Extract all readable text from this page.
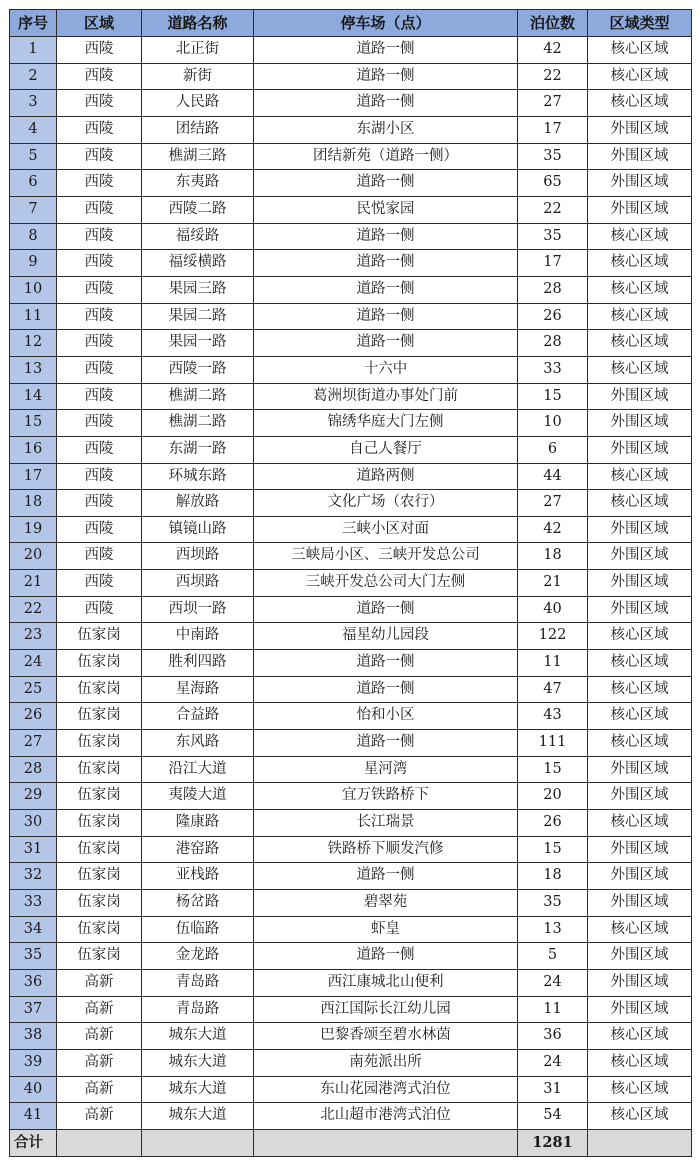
序号	区域	道路名称	停车场（点）	泊位数	区域类型
1	西陵	北正街	道路一侧	42	核心区域
2	西陵	新街	道路一侧	22	核心区域
3	西陵	人民路	道路一侧	27	核心区域
4	西陵	团结路	东湖小区	17	外围区域
5	西陵	樵湖三路	团结新苑（道路一侧）	35	外围区域
6	西陵	东夷路	道路一侧	65	外围区域
7	西陵	西陵二路	民悦家园	22	外围区域
8	西陵	福绥路	道路一侧	35	核心区域
9	西陵	福绥横路	道路一侧	17	核心区域
10	西陵	果园三路	道路一侧	28	核心区域
11	西陵	果园二路	道路一侧	26	核心区域
12	西陵	果园一路	道路一侧	28	核心区域
13	西陵	西陵一路	十六中	33	核心区域
14	西陵	樵湖二路	葛洲坝街道办事处门前	15	外围区域
15	西陵	樵湖二路	锦绣华庭大门左侧	10	外围区域
16	西陵	东湖一路	自己人餐厅	6	外围区域
17	西陵	环城东路	道路两侧	44	核心区域
18	西陵	解放路	文化广场（农行）	27	核心区域
19	西陵	镇镜山路	三峡小区对面	42	外围区域
20	西陵	西坝路	三峡局小区、三峡开发总公司	18	外围区域
21	西陵	西坝路	三峡开发总公司大门左侧	21	外围区域
22	西陵	西坝一路	道路一侧	40	外围区域
23	伍家岗	中南路	福星幼儿园段	122	核心区域
24	伍家岗	胜利四路	道路一侧	11	核心区域
25	伍家岗	星海路	道路一侧	47	核心区域
26	伍家岗	合益路	怡和小区	43	核心区域
27	伍家岗	东风路	道路一侧	111	核心区域
28	伍家岗	沿江大道	星河湾	15	外围区域
29	伍家岗	夷陵大道	宜万铁路桥下	20	外围区域
30	伍家岗	隆康路	长江瑞景	26	核心区域
31	伍家岗	港窑路	铁路桥下顺发汽修	15	外围区域
32	伍家岗	亚栈路	道路一侧	18	外围区域
33	伍家岗	杨岔路	碧翠苑	35	外围区域
34	伍家岗	伍临路	虾皇	13	核心区域
35	伍家岗	金龙路	道路一侧	5	外围区域
36	高新	青岛路	西江康城北山便利	24	外围区域
37	高新	青岛路	西江国际长江幼儿园	11	外围区域
38	高新	城东大道	巴黎香颂至碧水林茵	36	核心区域
39	高新	城东大道	南苑派出所	24	核心区域
40	高新	城东大道	东山花园港湾式泊位	31	核心区域
41	高新	城东大道	北山超市港湾式泊位	54	核心区域
合计				1281	
